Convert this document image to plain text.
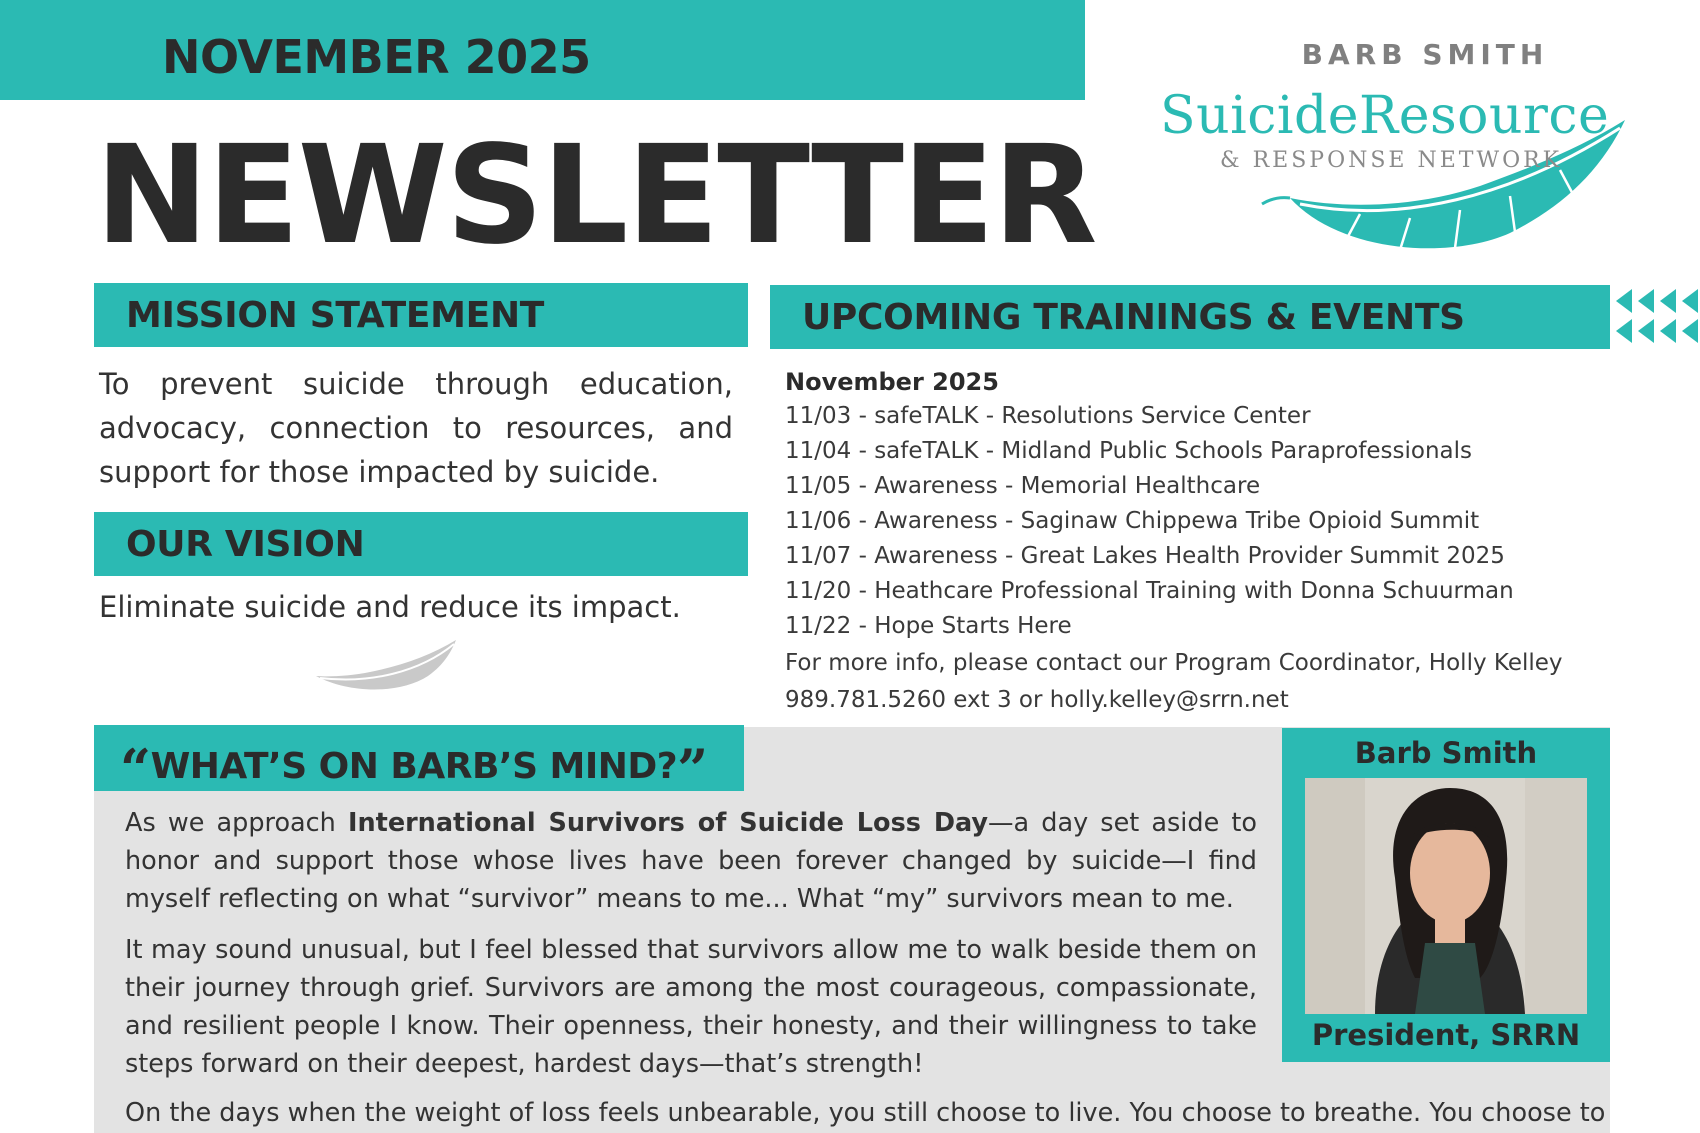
NOVEMBER 2025
NEWSLETTER
BARB SMITH
SuicideResource
& RESPONSE NETWORK
MISSION STATEMENT
To prevent suicide through education, advocacy, connection to resources, and support for those impacted by suicide.
OUR VISION
Eliminate suicide and reduce its impact.
UPCOMING TRAININGS & EVENTS
November 2025
11/03 - safeTALK - Resolutions Service Center
11/04 - safeTALK - Midland Public Schools Paraprofessionals
11/05 - Awareness - Memorial Healthcare
11/06 - Awareness - Saginaw Chippewa Tribe Opioid Summit
11/07 - Awareness - Great Lakes Health Provider Summit 2025
11/20 - Heathcare Professional Training with Donna Schuurman
11/22 - Hope Starts Here
For more info, please contact our Program Coordinator, Holly Kelley
989.781.5260 ext 3 or holly.kelley@srrn.net
“WHAT’S ON BARB’S MIND?”

As we approach International Survivors of Suicide Loss Day—a day set aside to honor and support those whose lives have been forever changed by suicide—I find myself reflecting on what “survivor” means to me... What “my” survivors mean to me.

It may sound unusual, but I feel blessed that survivors allow me to walk beside them on their journey through grief. Survivors are among the most courageous, compassionate, and resilient people I know. Their openness, their honesty, and their willingness to take steps forward on their deepest, hardest days—that’s strength!

On the days when the weight of loss feels unbearable, you still choose to live. You choose to breathe. You choose to
Barb Smith
President, SRRN
